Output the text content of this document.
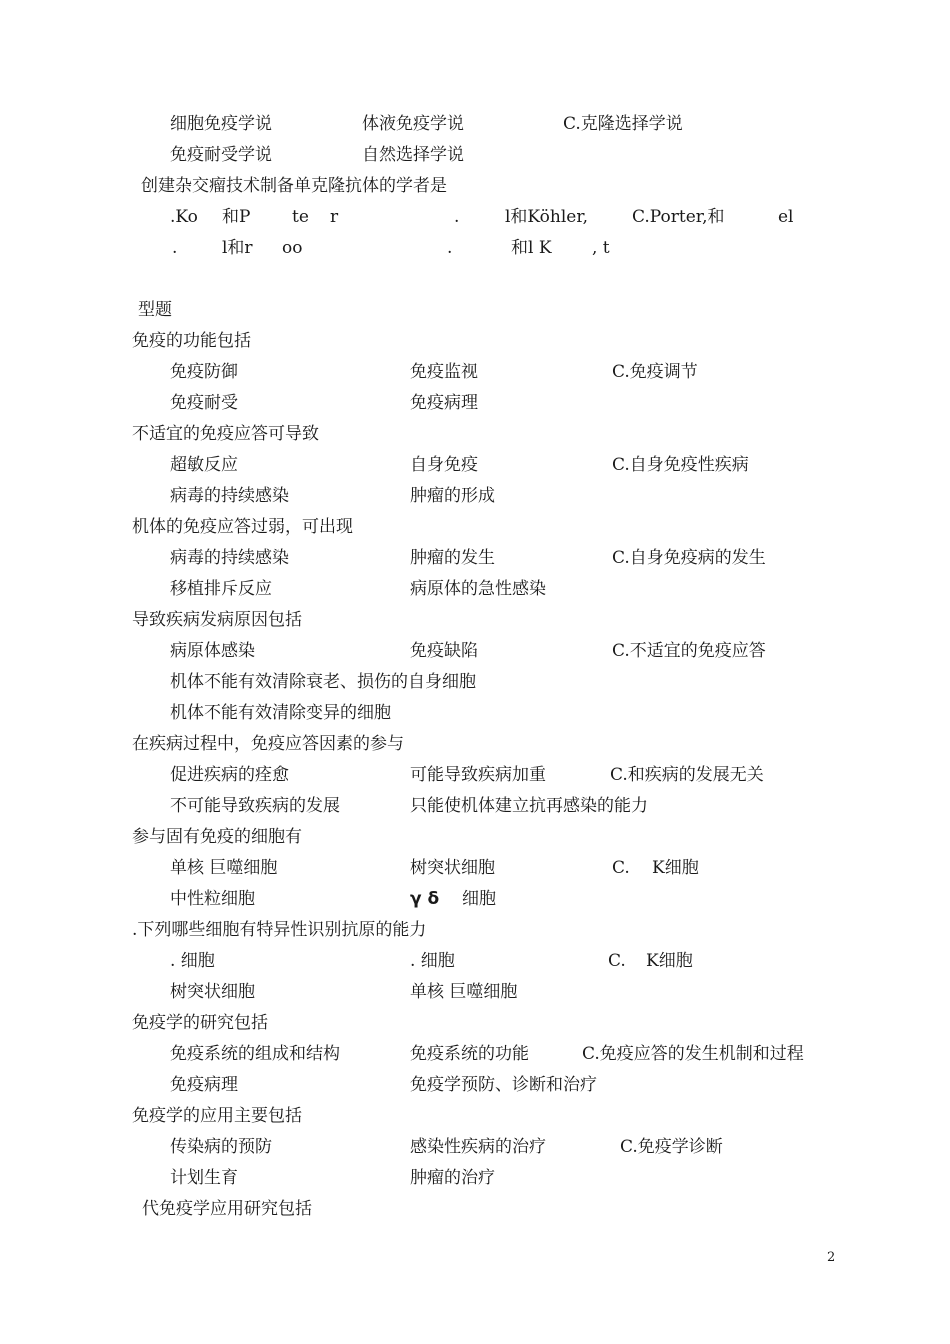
细胞免疫学说	体液免疫学说	C.克隆选择学说
免疫耐受学说	自然选择学说
创建杂交瘤技术制备单克隆抗体的学者是
.Ko 和P te r	.	l和Köhler,	C.Porter,和	el
.	l和r oo	.	和l K , t
型题
免疫的功能包括
免疫防御	免疫监视	C.免疫调节
免疫耐受	免疫病理
不适宜的免疫应答可导致
超敏反应	自身免疫	C.自身免疫性疾病
病毒的持续感染	肿瘤的形成
机体的免疫应答过弱，可出现
病毒的持续感染	肿瘤的发生	C.自身免疫病的发生
移植排斥反应	病原体的急性感染
导致疾病发病原因包括
病原体感染	免疫缺陷	C.不适宜的免疫应答
机体不能有效清除衰老、损伤的自身细胞
机体不能有效清除变异的细胞
在疾病过程中，免疫应答因素的参与
促进疾病的痊愈	可能导致疾病加重	C.和疾病的发展无关
不可能导致疾病的发展	只能使机体建立抗再感染的能力
参与固有免疫的细胞有
单核 巨噬细胞	树突状细胞	C. K细胞
中性粒细胞	γ δ 细胞
.下列哪些细胞有特异性识别抗原的能力
. 细胞	. 细胞	C. K细胞
树突状细胞	单核 巨噬细胞
免疫学的研究包括
免疫系统的组成和结构	免疫系统的功能	C.免疫应答的发生机制和过程
免疫病理	免疫学预防、诊断和治疗
免疫学的应用主要包括
传染病的预防	感染性疾病的治疗	C.免疫学诊断
计划生育	肿瘤的治疗
代免疫学应用研究包括
2
